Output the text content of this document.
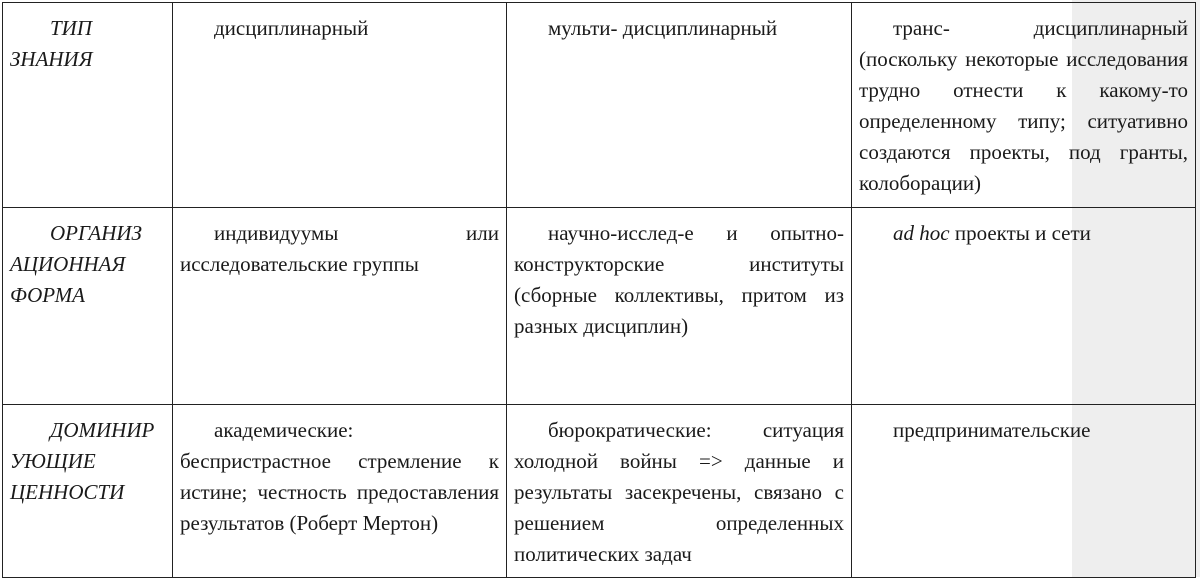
ТИП ЗНАНИЯ	дисциплинарный	мульти- дисциплинарный	транс- дисциплинарный (поскольку некоторые исследования трудно отнести к какому-то определенному типу; ситуативно создаются проекты, под гранты, колоборации)
ОРГАНИЗ АЦИОННАЯ ФОРМА	индивидуумы или исследовательские группы	научно-исслед-е и опытно-конструкторские институты (сборные коллективы, притом из разных дисциплин)	ad hoc проекты и сети
ДОМИНИР УЮЩИЕ ЦЕННОСТИ	академические: беспристрастное стремление к истине; честность предоставления результатов (Роберт Мертон)	бюрократические: ситуация холодной войны => данные и результаты засекречены, связано с решением определенных политических задач	предпринимательские
